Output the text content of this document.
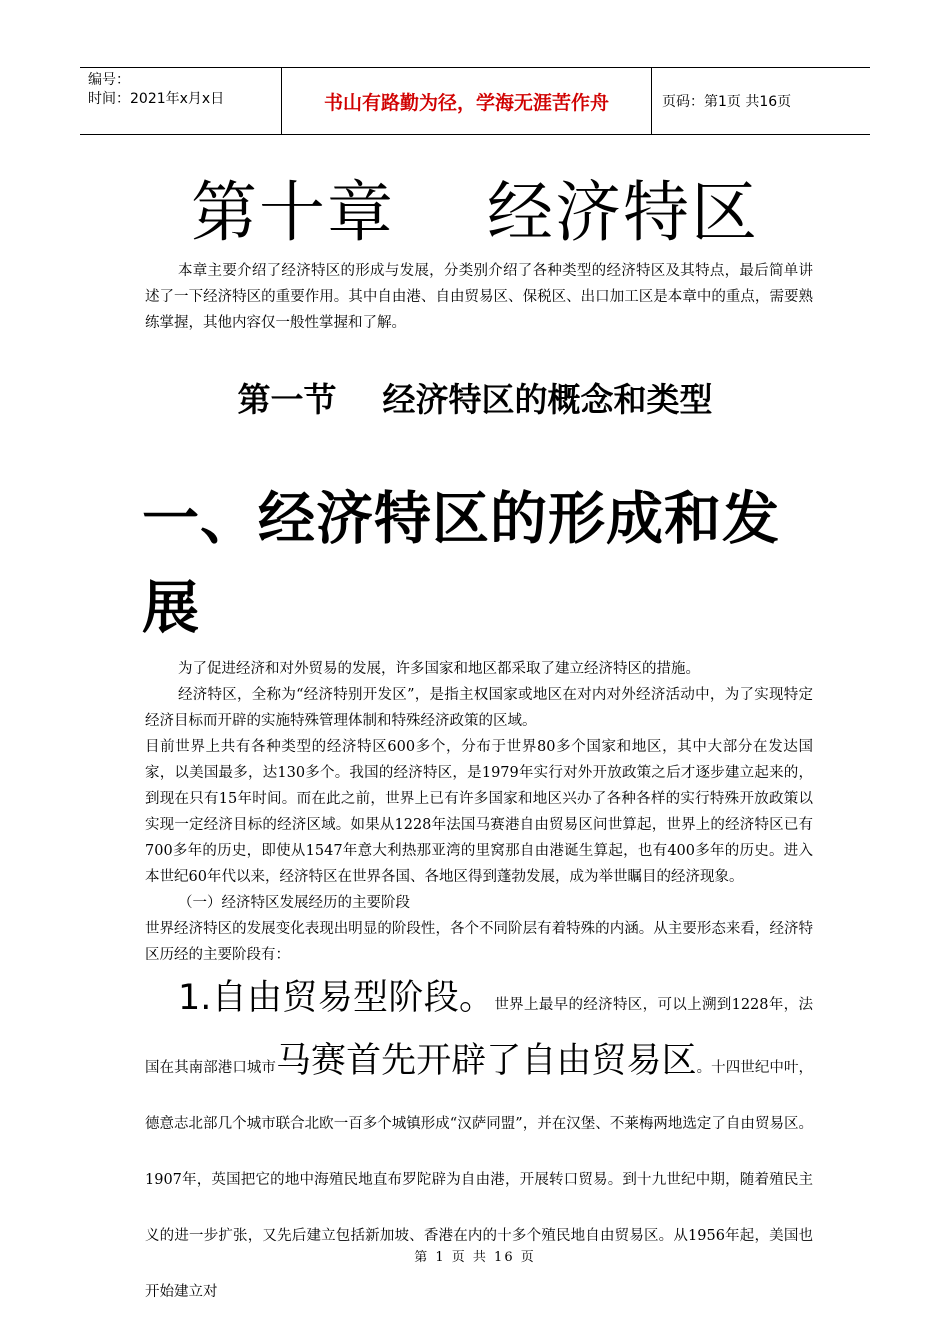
编号：
时间：2021年x月x日	书山有路勤为径，学海无涯苦作舟	页码：第1页 共16页
第十章    经济特区
本章主要介绍了经济特区的形成与发展，分类别介绍了各种类型的经济特区及其特点，最后简单讲述了一下经济特区的重要作用。其中自由港、自由贸易区、保税区、出口加工区是本章中的重点，需要熟练掌握，其他内容仅一般性掌握和了解。
第一节    经济特区的概念和类型
一、经济特区的形成和发展
为了促进经济和对外贸易的发展，许多国家和地区都采取了建立经济特区的措施。
经济特区，全称为“经济特别开发区”，是指主权国家或地区在对内对外经济活动中，为了实现特定经济目标而开辟的实施特殊管理体制和特殊经济政策的区域。
目前世界上共有各种类型的经济特区600多个，分布于世界80多个国家和地区，其中大部分在发达国家，以美国最多，达130多个。我国的经济特区，是1979年实行对外开放政策之后才逐步建立起来的，到现在只有15年时间。而在此之前，世界上已有许多国家和地区兴办了各种各样的实行特殊开放政策以实现一定经济目标的经济区域。如果从1228年法国马赛港自由贸易区问世算起，世界上的经济特区已有700多年的历史，即使从1547年意大利热那亚湾的里窝那自由港诞生算起，也有400多年的历史。进入本世纪60年代以来，经济特区在世界各国、各地区得到蓬勃发展，成为举世瞩目的经济现象。
（一）经济特区发展经历的主要阶段
世界经济特区的发展变化表现出明显的阶段性，各个不同阶层有着特殊的内涵。从主要形态来看，经济特区历经的主要阶段有：
1.自由贸易型阶段。世界上最早的经济特区，可以上溯到1228年，法国在其南部港口城市马赛首先开辟了自由贸易区。十四世纪中叶，德意志北部几个城市联合北欧一百多个城镇形成“汉萨同盟”，并在汉堡、不莱梅两地选定了自由贸易区。1907年，英国把它的地中海殖民地直布罗陀辟为自由港，开展转口贸易。到十九世纪中期，随着殖民主义的进一步扩张，又先后建立包括新加坡、香港在内的十多个殖民地自由贸易区。从1956年起，美国也开始建立对
第 1 页 共 16 页
